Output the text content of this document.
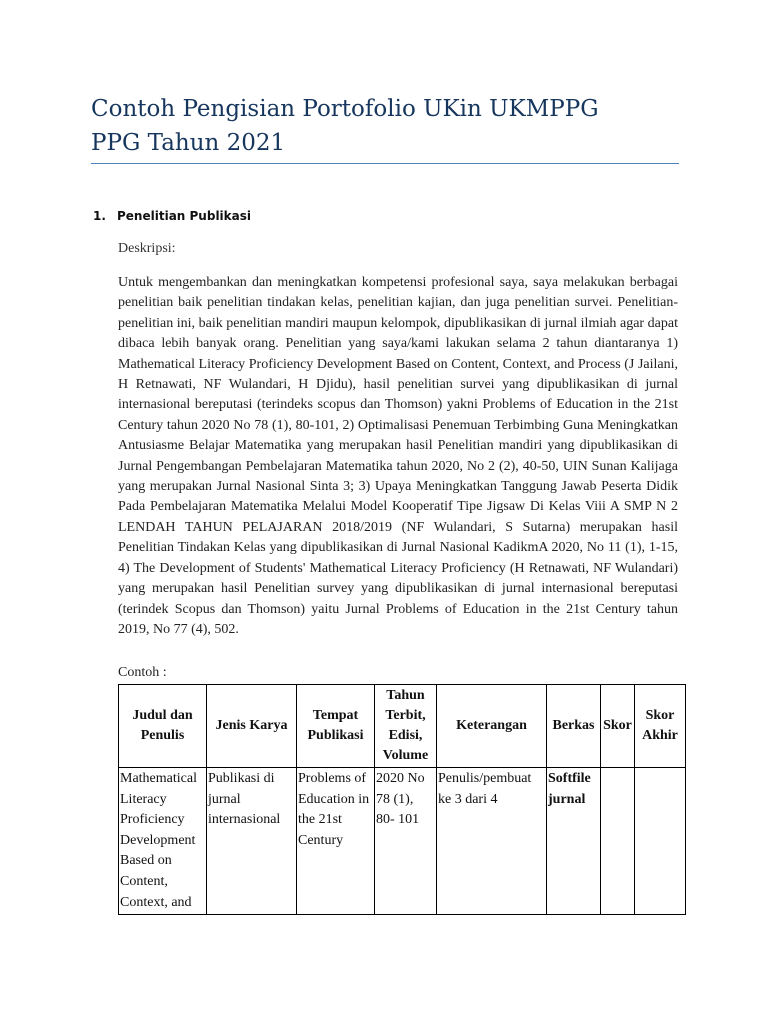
Contoh Pengisian Portofolio UKin UKMPPG
PPG Tahun 2021
1. Penelitian Publikasi
Deskripsi:

Untuk mengembankan dan meningkatkan kompetensi profesional saya, saya melakukan berbagai penelitian baik penelitian tindakan kelas, penelitian kajian, dan juga penelitian survei. Penelitian- penelitian ini, baik penelitian mandiri maupun kelompok, dipublikasikan di jurnal ilmiah agar dapat dibaca lebih banyak orang. Penelitian yang saya/kami lakukan selama 2 tahun diantaranya 1) Mathematical Literacy Proficiency Development Based on Content, Context, and Process (J Jailani, H Retnawati, NF Wulandari, H Djidu), hasil penelitian survei yang dipublikasikan di jurnal internasional bereputasi (terindeks scopus dan Thomson) yakni Problems of Education in the 21st Century tahun 2020 No 78 (1), 80-101, 2) Optimalisasi Penemuan Terbimbing Guna Meningkatkan Antusiasme Belajar Matematika yang merupakan hasil Penelitian mandiri yang dipublikasikan di Jurnal Pengembangan Pembelajaran Matematika tahun 2020, No 2 (2), 40-50, UIN Sunan Kalijaga yang merupakan Jurnal Nasional Sinta 3; 3) Upaya Meningkatkan Tanggung Jawab Peserta Didik Pada Pembelajaran Matematika Melalui Model Kooperatif Tipe Jigsaw Di Kelas Viii A SMP N 2 LENDAH TAHUN PELAJARAN 2018/2019 (NF Wulandari, S Sutarna) merupakan hasil Penelitian Tindakan Kelas yang dipublikasikan di Jurnal Nasional KadikmA 2020, No 11 (1), 1-15, 4) The Development of Students' Mathematical Literacy Proficiency (H Retnawati, NF Wulandari) yang merupakan hasil Penelitian survey yang dipublikasikan di jurnal internasional bereputasi (terindek Scopus dan Thomson) yaitu Jurnal Problems of Education in the 21st Century tahun 2019, No 77 (4), 502.

Contoh :
Judul dan Penulis	Jenis Karya	Tempat Publikasi	Tahun Terbit, Edisi, Volume	Keterangan	Berkas	Skor	Skor Akhir
Mathematical Literacy Proficiency Development Based on Content, Context, and	Publikasi di jurnal internasional	Problems of Education in the 21st Century	2020 No 78 (1), 80- 101	Penulis/pembuat ke 3 dari 4	Softfile jurnal		
